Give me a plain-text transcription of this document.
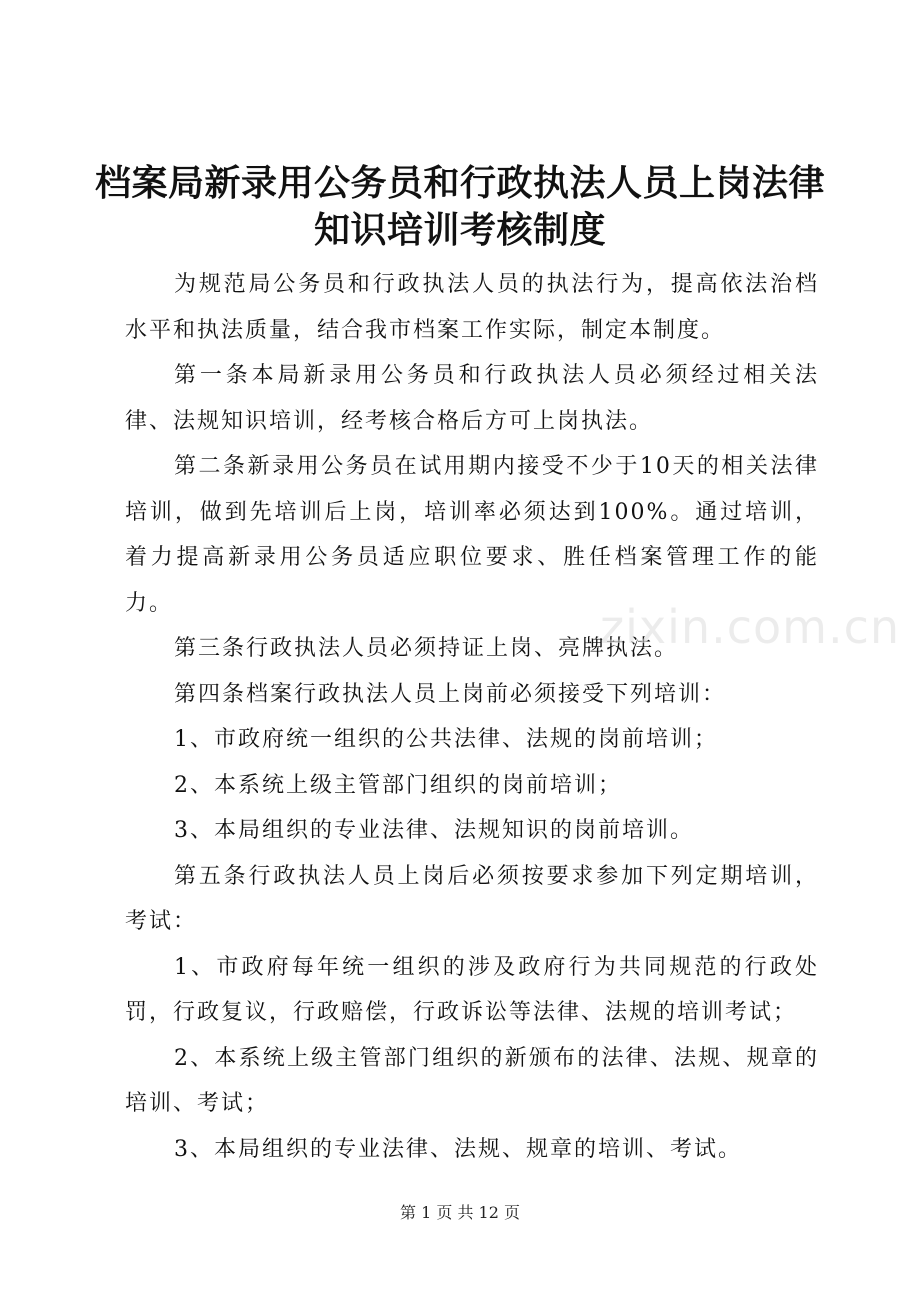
档案局新录用公务员和行政执法人员上岗法律
知识培训考核制度

为规范局公务员和行政执法人员的执法行为，提高依法治档水平和执法质量，结合我市档案工作实际，制定本制度。

第一条本局新录用公务员和行政执法人员必须经过相关法律、法规知识培训，经考核合格后方可上岗执法。

第二条新录用公务员在试用期内接受不少于10天的相关法律培训，做到先培训后上岗，培训率必须达到100%。通过培训，着力提高新录用公务员适应职位要求、胜任档案管理工作的能力。

第三条行政执法人员必须持证上岗、亮牌执法。

第四条档案行政执法人员上岗前必须接受下列培训：

1、市政府统一组织的公共法律、法规的岗前培训；

2、本系统上级主管部门组织的岗前培训；

3、本局组织的专业法律、法规知识的岗前培训。

第五条行政执法人员上岗后必须按要求参加下列定期培训，考试：

1、市政府每年统一组织的涉及政府行为共同规范的行政处罚，行政复议，行政赔偿，行政诉讼等法律、法规的培训考试；

2、本系统上级主管部门组织的新颁布的法律、法规、规章的培训、考试；

3、本局组织的专业法律、法规、规章的培训、考试。

zixin.com.cn
第 1 页 共 12 页
